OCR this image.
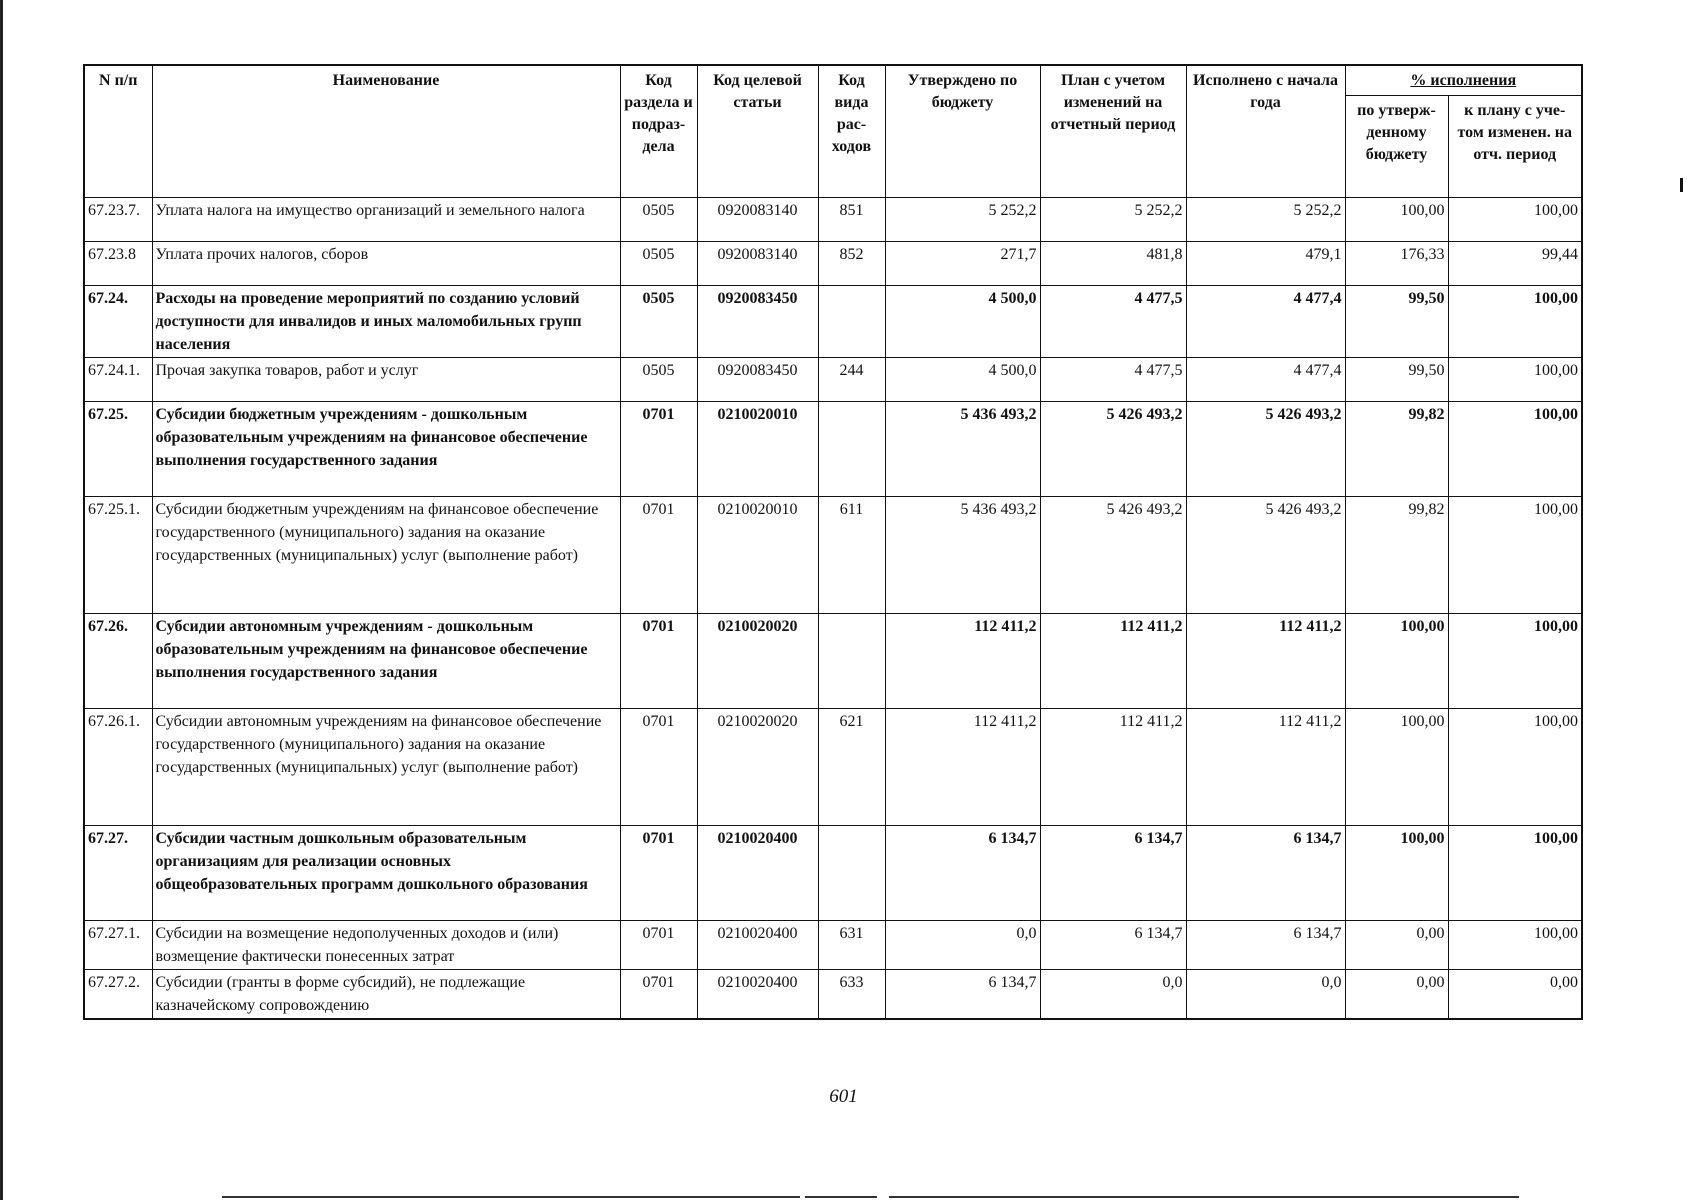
N п/п	Наименование	Код раздела и подраз-дела	Код целевой статьи	Код вида рас-ходов	Утверждено по бюджету	План с учетом изменений на отчетный период	Исполнено с начала года	% исполнения	
								по утверж-денному бюджету	к плану с уче-том изменен. на отч. период
67.23.7.	Уплата налога на имущество организаций и земельного налога	0505	0920083140	851	5 252,2	5 252,2	5 252,2	100,00	100,00
67.23.8	Уплата прочих налогов, сборов	0505	0920083140	852	271,7	481,8	479,1	176,33	99,44
67.24.	Расходы на проведение мероприятий по созданию условий доступности для инвалидов и иных маломобильных групп населения	0505	0920083450		4 500,0	4 477,5	4 477,4	99,50	100,00
67.24.1.	Прочая закупка товаров, работ и услуг	0505	0920083450	244	4 500,0	4 477,5	4 477,4	99,50	100,00
67.25.	Субсидии бюджетным учреждениям - дошкольным образовательным учреждениям на финансовое обеспечение выполнения государственного задания	0701	0210020010		5 436 493,2	5 426 493,2	5 426 493,2	99,82	100,00
67.25.1.	Субсидии бюджетным учреждениям на финансовое обеспечение государственного (муниципального) задания на оказание государственных (муниципальных) услуг (выполнение работ)	0701	0210020010	611	5 436 493,2	5 426 493,2	5 426 493,2	99,82	100,00
67.26.	Субсидии автономным учреждениям - дошкольным образовательным учреждениям на финансовое обеспечение выполнения государственного задания	0701	0210020020		112 411,2	112 411,2	112 411,2	100,00	100,00
67.26.1.	Субсидии автономным учреждениям на финансовое обеспечение государственного (муниципального) задания на оказание государственных (муниципальных) услуг (выполнение работ)	0701	0210020020	621	112 411,2	112 411,2	112 411,2	100,00	100,00
67.27.	Субсидии частным дошкольным образовательным организациям для реализации основных общеобразовательных программ дошкольного образования	0701	0210020400		6 134,7	6 134,7	6 134,7	100,00	100,00
67.27.1.	Субсидии на возмещение недополученных доходов и (или) возмещение фактически понесенных затрат	0701	0210020400	631	0,0	6 134,7	6 134,7	0,00	100,00
67.27.2.	Субсидии (гранты в форме субсидий), не подлежащие казначейскому сопровождению	0701	0210020400	633	6 134,7	0,0	0,0	0,00	0,00
601
